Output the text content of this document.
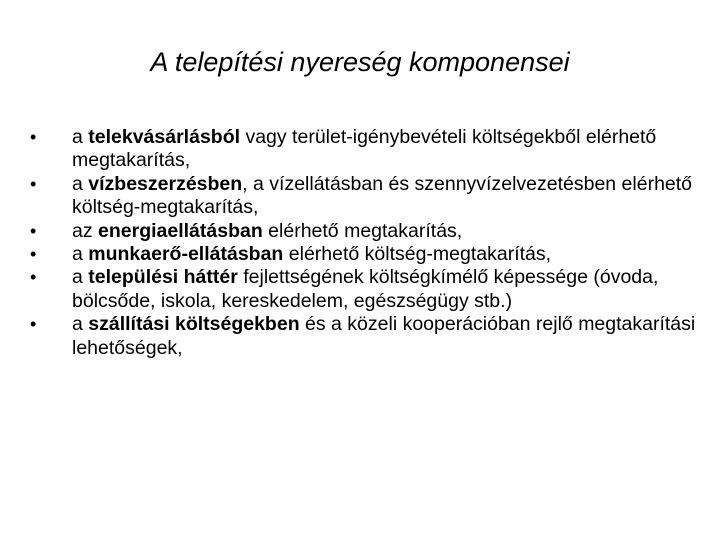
A telepítési nyereség komponensei
•	a telekvásárlásból vagy terület-igénybevételi költségekből elérhető megtakarítás,
•	a vízbeszerzésben, a vízellátásban és szennyvízelvezetésben elérhető költség-megtakarítás,
•	az energiaellátásban elérhető megtakarítás,
•	a munkaerő-ellátásban elérhető költség-megtakarítás,
•	a települési háttér fejlettségének költségkímélő képessége (óvoda, bölcsőde, iskola, kereskedelem, egészségügy stb.)
•	a szállítási költségekben és a közeli kooperációban rejlő megtakarítási lehetőségek,
